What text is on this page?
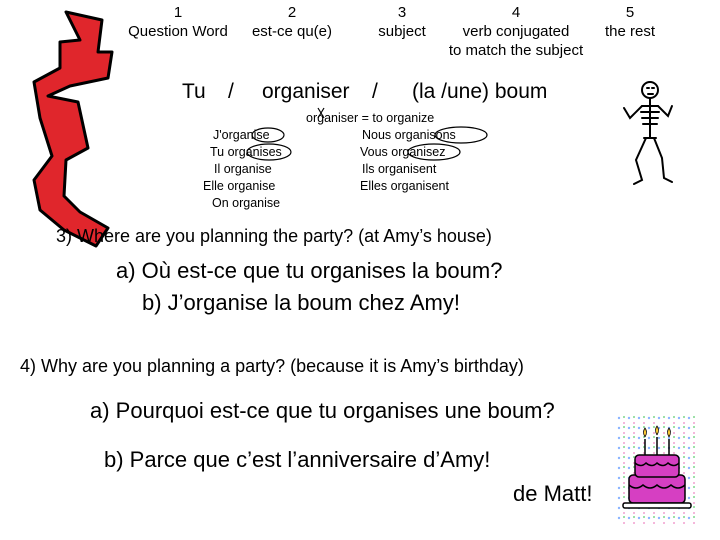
1
Question Word
2
est-ce qu(e)
3
subject
4
verb conjugated
to match the subject
5
the rest
Tu / organiser / (la /une) boum
organiser = to organize
J'organise
Tu organises
Il organise
Elle organise
On organise
Nous organisons
Vous organisez
Ils organisent
Elles organisent
3) Where are you planning the party? (at Amy’s house)
a) Où est-ce que tu organises la boum?
b) J’organise la boum chez Amy!
4) Why are you planning a party? (because it is Amy’s birthday)
a) Pourquoi est-ce que tu organises une boum?
b) Parce que c’est l’anniversaire d’Amy!
de Matt!
